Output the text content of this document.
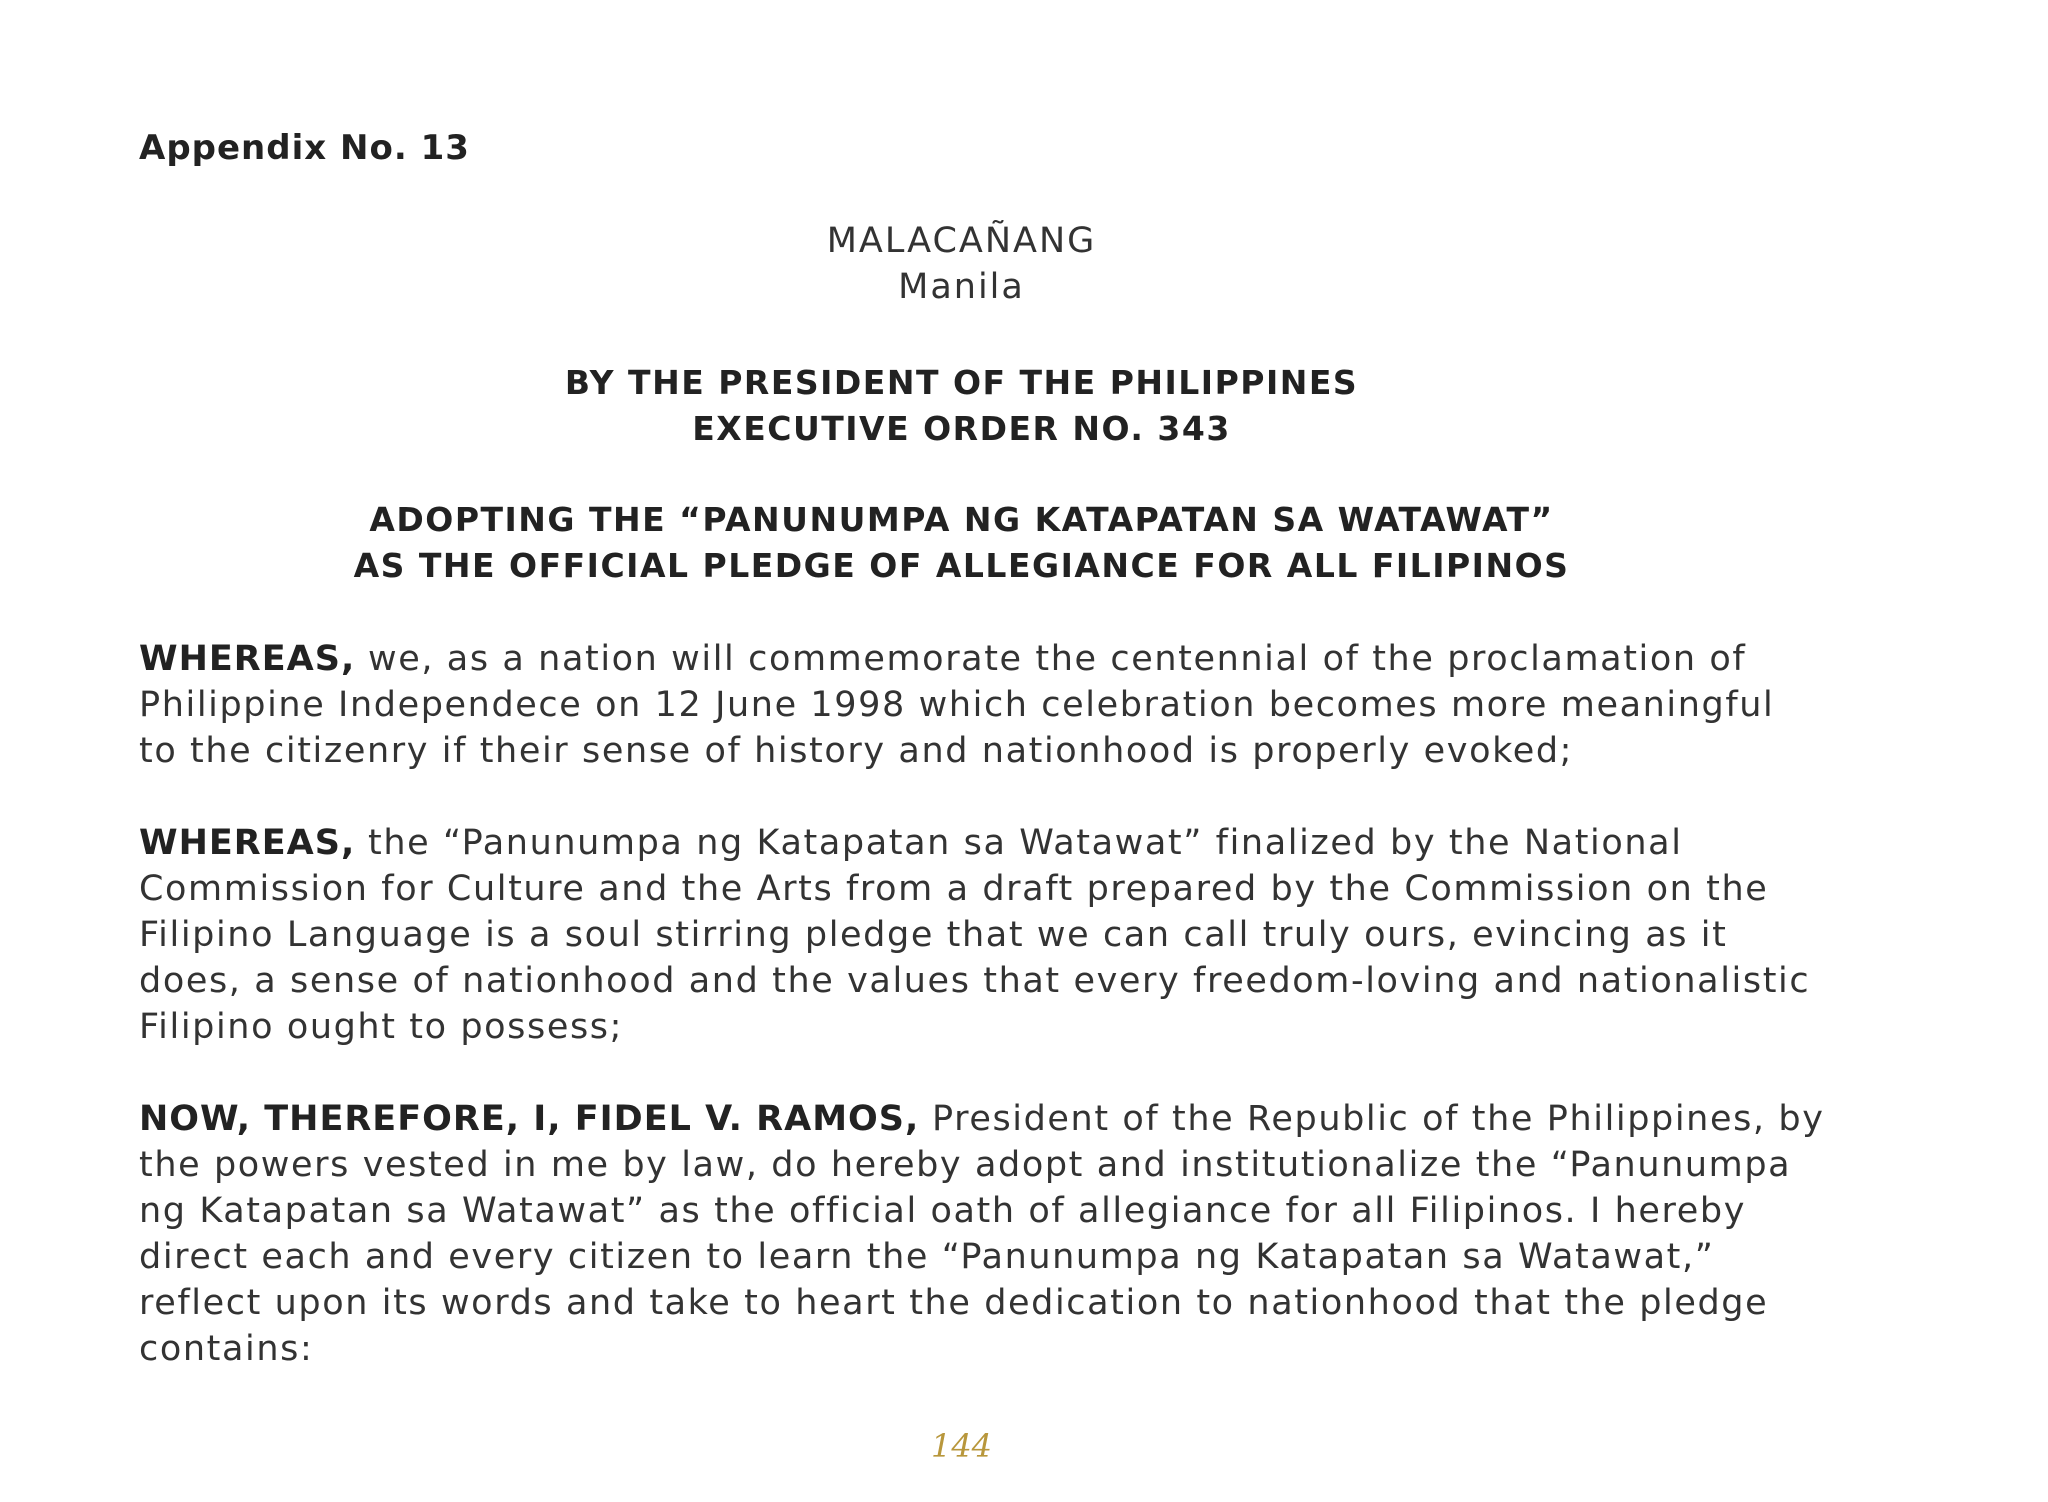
Appendix No. 13
MALACAÑANG
Manila
BY THE PRESIDENT OF THE PHILIPPINES
EXECUTIVE ORDER NO. 343
ADOPTING THE “PANUNUMPA NG KATAPATAN SA WATAWAT”
AS THE OFFICIAL PLEDGE OF ALLEGIANCE FOR ALL FILIPINOS
WHEREAS, we, as a nation will commemorate the centennial of the proclamation of
Philippine Independece on 12 June 1998 which celebration becomes more meaningful
to the citizenry if their sense of history and nationhood is properly evoked;
WHEREAS, the “Panunumpa ng Katapatan sa Watawat” finalized by the National
Commission for Culture and the Arts from a draft prepared by the Commission on the
Filipino Language is a soul stirring pledge that we can call truly ours, evincing as it
does, a sense of nationhood and the values that every freedom-loving and nationalistic
Filipino ought to possess;
NOW, THEREFORE, I, FIDEL V. RAMOS, President of the Republic of the Philippines, by
the powers vested in me by law, do hereby adopt and institutionalize the “Panunumpa
ng Katapatan sa Watawat” as the official oath of allegiance for all Filipinos. I hereby
direct each and every citizen to learn the “Panunumpa ng Katapatan sa Watawat,”
reflect upon its words and take to heart the dedication to nationhood that the pledge
contains:
144
